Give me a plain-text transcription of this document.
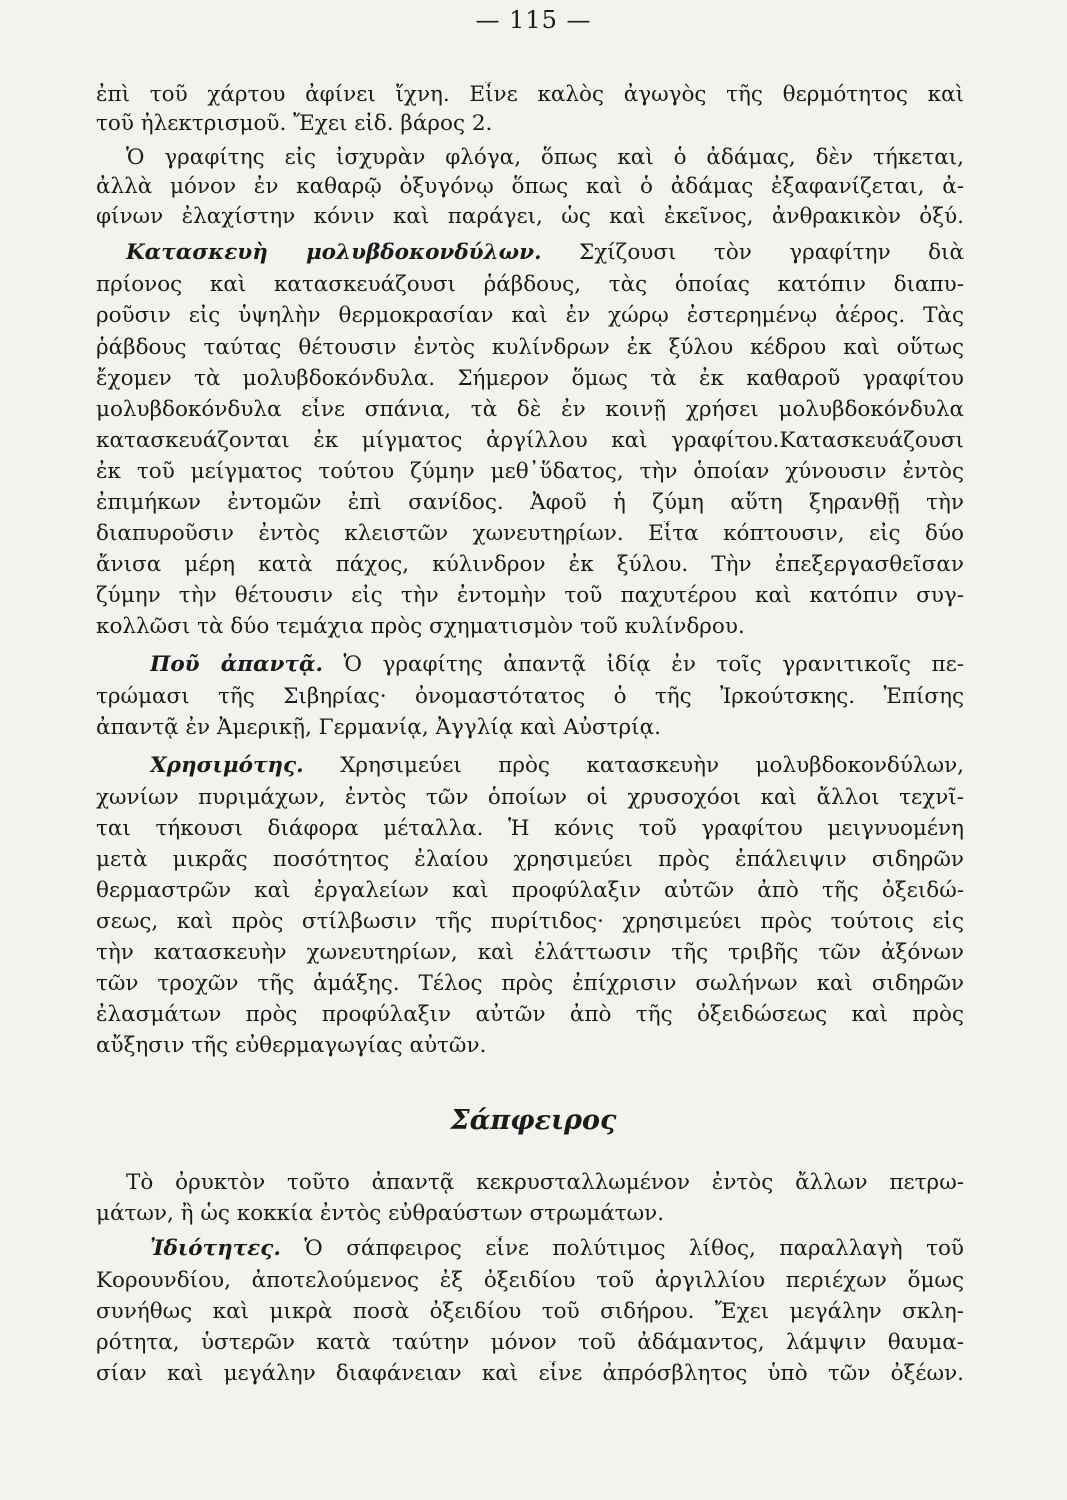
— 115 —
ἐπὶ τοῦ χάρτου ἀφίνει ἴχνη. Εἶνε καλὸς ἀγωγὸς τῆς θερμότητος καὶ
τοῦ ἠλεκτρισμοῦ. Ἔχει εἰδ. βάρος 2.
Ὁ γραφίτης εἰς ἰσχυρὰν φλόγα, ὅπως καὶ ὁ ἀδάμας, δὲν τήκεται,
ἀλλὰ μόνον ἐν καθαρῷ ὀξυγόνῳ ὅπως καὶ ὁ ἀδάμας ἐξαφανίζεται, ἀ-
φίνων ἐλαχίστην κόνιν καὶ παράγει, ὡς καὶ ἐκεῖνος, ἀνθρακικὸν ὀξύ.
Κατασκευὴ μολυβδοκονδύλων. Σχίζουσι τὸν γραφίτην διὰ
πρίονος καὶ κατασκευάζουσι ῥάβδους, τὰς ὁποίας κατόπιν διαπυ-
ροῦσιν εἰς ὑψηλὴν θερμοκρασίαν καὶ ἐν χώρῳ ἐστερημένῳ ἀέρος. Τὰς
ῥάβδους ταύτας θέτουσιν ἐντὸς κυλίνδρων ἐκ ξύλου κέδρου καὶ οὕτως
ἔχομεν τὰ μολυβδοκόνδυλα. Σήμερον ὅμως τὰ ἐκ καθαροῦ γραφίτου
μολυβδοκόνδυλα εἶνε σπάνια, τὰ δὲ ἐν κοινῇ χρήσει μολυβδοκόνδυλα
κατασκευάζονται ἐκ μίγματος ἀργίλλου καὶ γραφίτου.Κατασκευάζουσι
ἐκ τοῦ μείγματος τούτου ζύμην μεθ᾽ὕδατος, τὴν ὁποίαν χύνουσιν ἐντὸς
ἐπιμήκων ἐντομῶν ἐπὶ σανίδος. Ἀφοῦ ἡ ζύμη αὕτη ξηρανθῇ τὴν
διαπυροῦσιν ἐντὸς κλειστῶν χωνευτηρίων. Εἶτα κόπτουσιν, εἰς δύο
ἄνισα μέρη κατὰ πάχος, κύλινδρον ἐκ ξύλου. Τὴν ἐπεξεργασθεῖσαν
ζύμην τὴν θέτουσιν εἰς τὴν ἐντομὴν τοῦ παχυτέρου καὶ κατόπιν συγ-
κολλῶσι τὰ δύο τεμάχια πρὸς σχηματισμὸν τοῦ κυλίνδρου.
Ποῦ ἀπαντᾷ. Ὁ γραφίτης ἀπαντᾷ ἰδίᾳ ἐν τοῖς γρανιτικοῖς πε-
τρώμασι τῆς Σιβηρίας· ὀνομαστότατος ὁ τῆς Ἰρκούτσκης. Ἐπίσης
ἀπαντᾷ ἐν Ἀμερικῇ, Γερμανίᾳ, Ἀγγλίᾳ καὶ Αὐστρίᾳ.
Χρησιμότης. Χρησιμεύει πρὸς κατασκευὴν μολυβδοκονδύλων,
χωνίων πυριμάχων, ἐντὸς τῶν ὁποίων οἱ χρυσοχόοι καὶ ἄλλοι τεχνῖ-
ται τήκουσι διάφορα μέταλλα. Ἡ κόνις τοῦ γραφίτου μειγνυομένη
μετὰ μικρᾶς ποσότητος ἐλαίου χρησιμεύει πρὸς ἐπάλειψιν σιδηρῶν
θερμαστρῶν καὶ ἐργαλείων καὶ προφύλαξιν αὐτῶν ἀπὸ τῆς ὀξειδώ-
σεως, καὶ πρὸς στίλβωσιν τῆς πυρίτιδος· χρησιμεύει πρὸς τούτοις εἰς
τὴν κατασκευὴν χωνευτηρίων, καὶ ἐλάττωσιν τῆς τριβῆς τῶν ἀξόνων
τῶν τροχῶν τῆς ἁμάξης. Τέλος πρὸς ἐπίχρισιν σωλήνων καὶ σιδηρῶν
ἐλασμάτων πρὸς προφύλαξιν αὐτῶν ἀπὸ τῆς ὀξειδώσεως καὶ πρὸς
αὔξησιν τῆς εὐθερμαγωγίας αὐτῶν.
Σάπφειρος
Τὸ ὀρυκτὸν τοῦτο ἀπαντᾷ κεκρυσταλλωμένον ἐντὸς ἄλλων πετρω-
μάτων, ἢ ὡς κοκκία ἐντὸς εὐθραύστων στρωμάτων.
Ἰδιότητες. Ὁ σάπφειρος εἶνε πολύτιμος λίθος, παραλλαγὴ τοῦ
Κορουνδίου, ἀποτελούμενος ἐξ ὀξειδίου τοῦ ἀργιλλίου περιέχων ὅμως
συνήθως καὶ μικρὰ ποσὰ ὀξειδίου τοῦ σιδήρου. Ἔχει μεγάλην σκλη-
ρότητα, ὑστερῶν κατὰ ταύτην μόνον τοῦ ἀδάμαντος, λάμψιν θαυμα-
σίαν καὶ μεγάλην διαφάνειαν καὶ εἶνε ἀπρόσβλητος ὑπὸ τῶν ὀξέων.
